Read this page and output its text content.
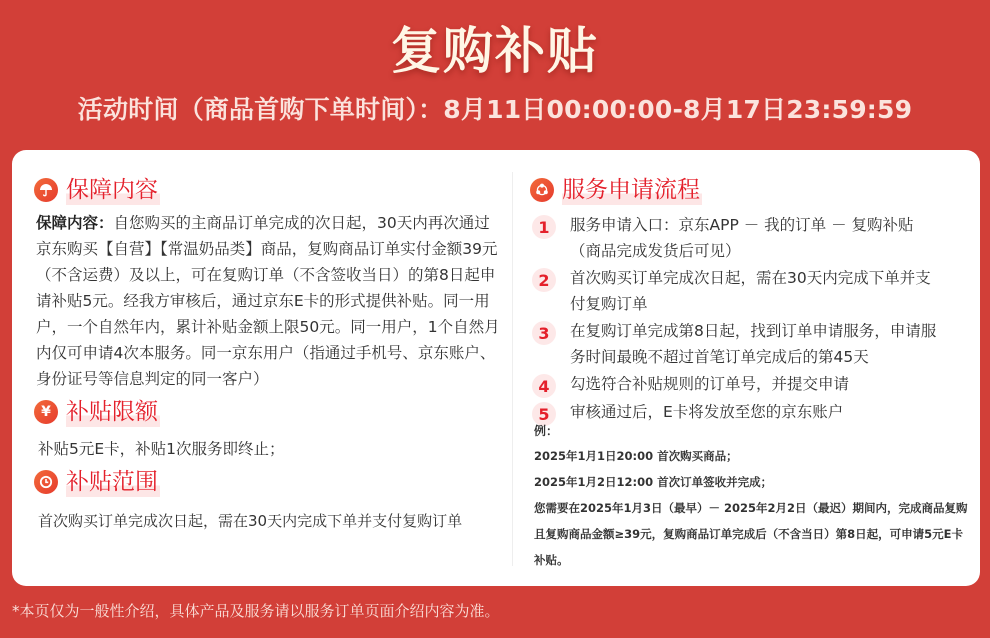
复购补贴
活动时间（商品首购下单时间）：8月11日00:00:00-8月17日23:59:59
保障内容
保障内容：自您购买的主商品订单完成的次日起，30天内再次通过京东购买【自营】【常温奶品类】商品，复购商品订单实付金额39元（不含运费）及以上，可在复购订单（不含签收当日）的第8日起申请补贴5元。经我方审核后，通过京东E卡的形式提供补贴。同一用户，一个自然年内，累计补贴金额上限50元。同一用户，1个自然月内仅可申请4次本服务。同一京东用户（指通过手机号、京东账户、身份证号等信息判定的同一客户）
¥ 补贴限额
补贴5元E卡，补贴1次服务即终止；
补贴范围
首次购买订单完成次日起，需在30天内完成下单并支付复购订单
服务申请流程
1	服务申请入口：京东APP － 我的订单 － 复购补贴（商品完成发货后可见）
2	首次购买订单完成次日起，需在30天内完成下单并支付复购订单
3	在复购订单完成第8日起，找到订单申请服务，申请服务时间最晚不超过首笔订单完成后的第45天
4	勾选符合补贴规则的订单号，并提交申请
5	审核通过后，E卡将发放至您的京东账户
例：
2025年1月1日20:00 首次购买商品；
2025年1月2日12:00 首次订单签收并完成；
您需要在2025年1月3日（最早）－ 2025年2月2日（最迟）期间内，完成商品复购且复购商品金额≥39元，复购商品订单完成后（不含当日）第8日起，可申请5元E卡补贴。
*本页仅为一般性介绍，具体产品及服务请以服务订单页面介绍内容为准。
